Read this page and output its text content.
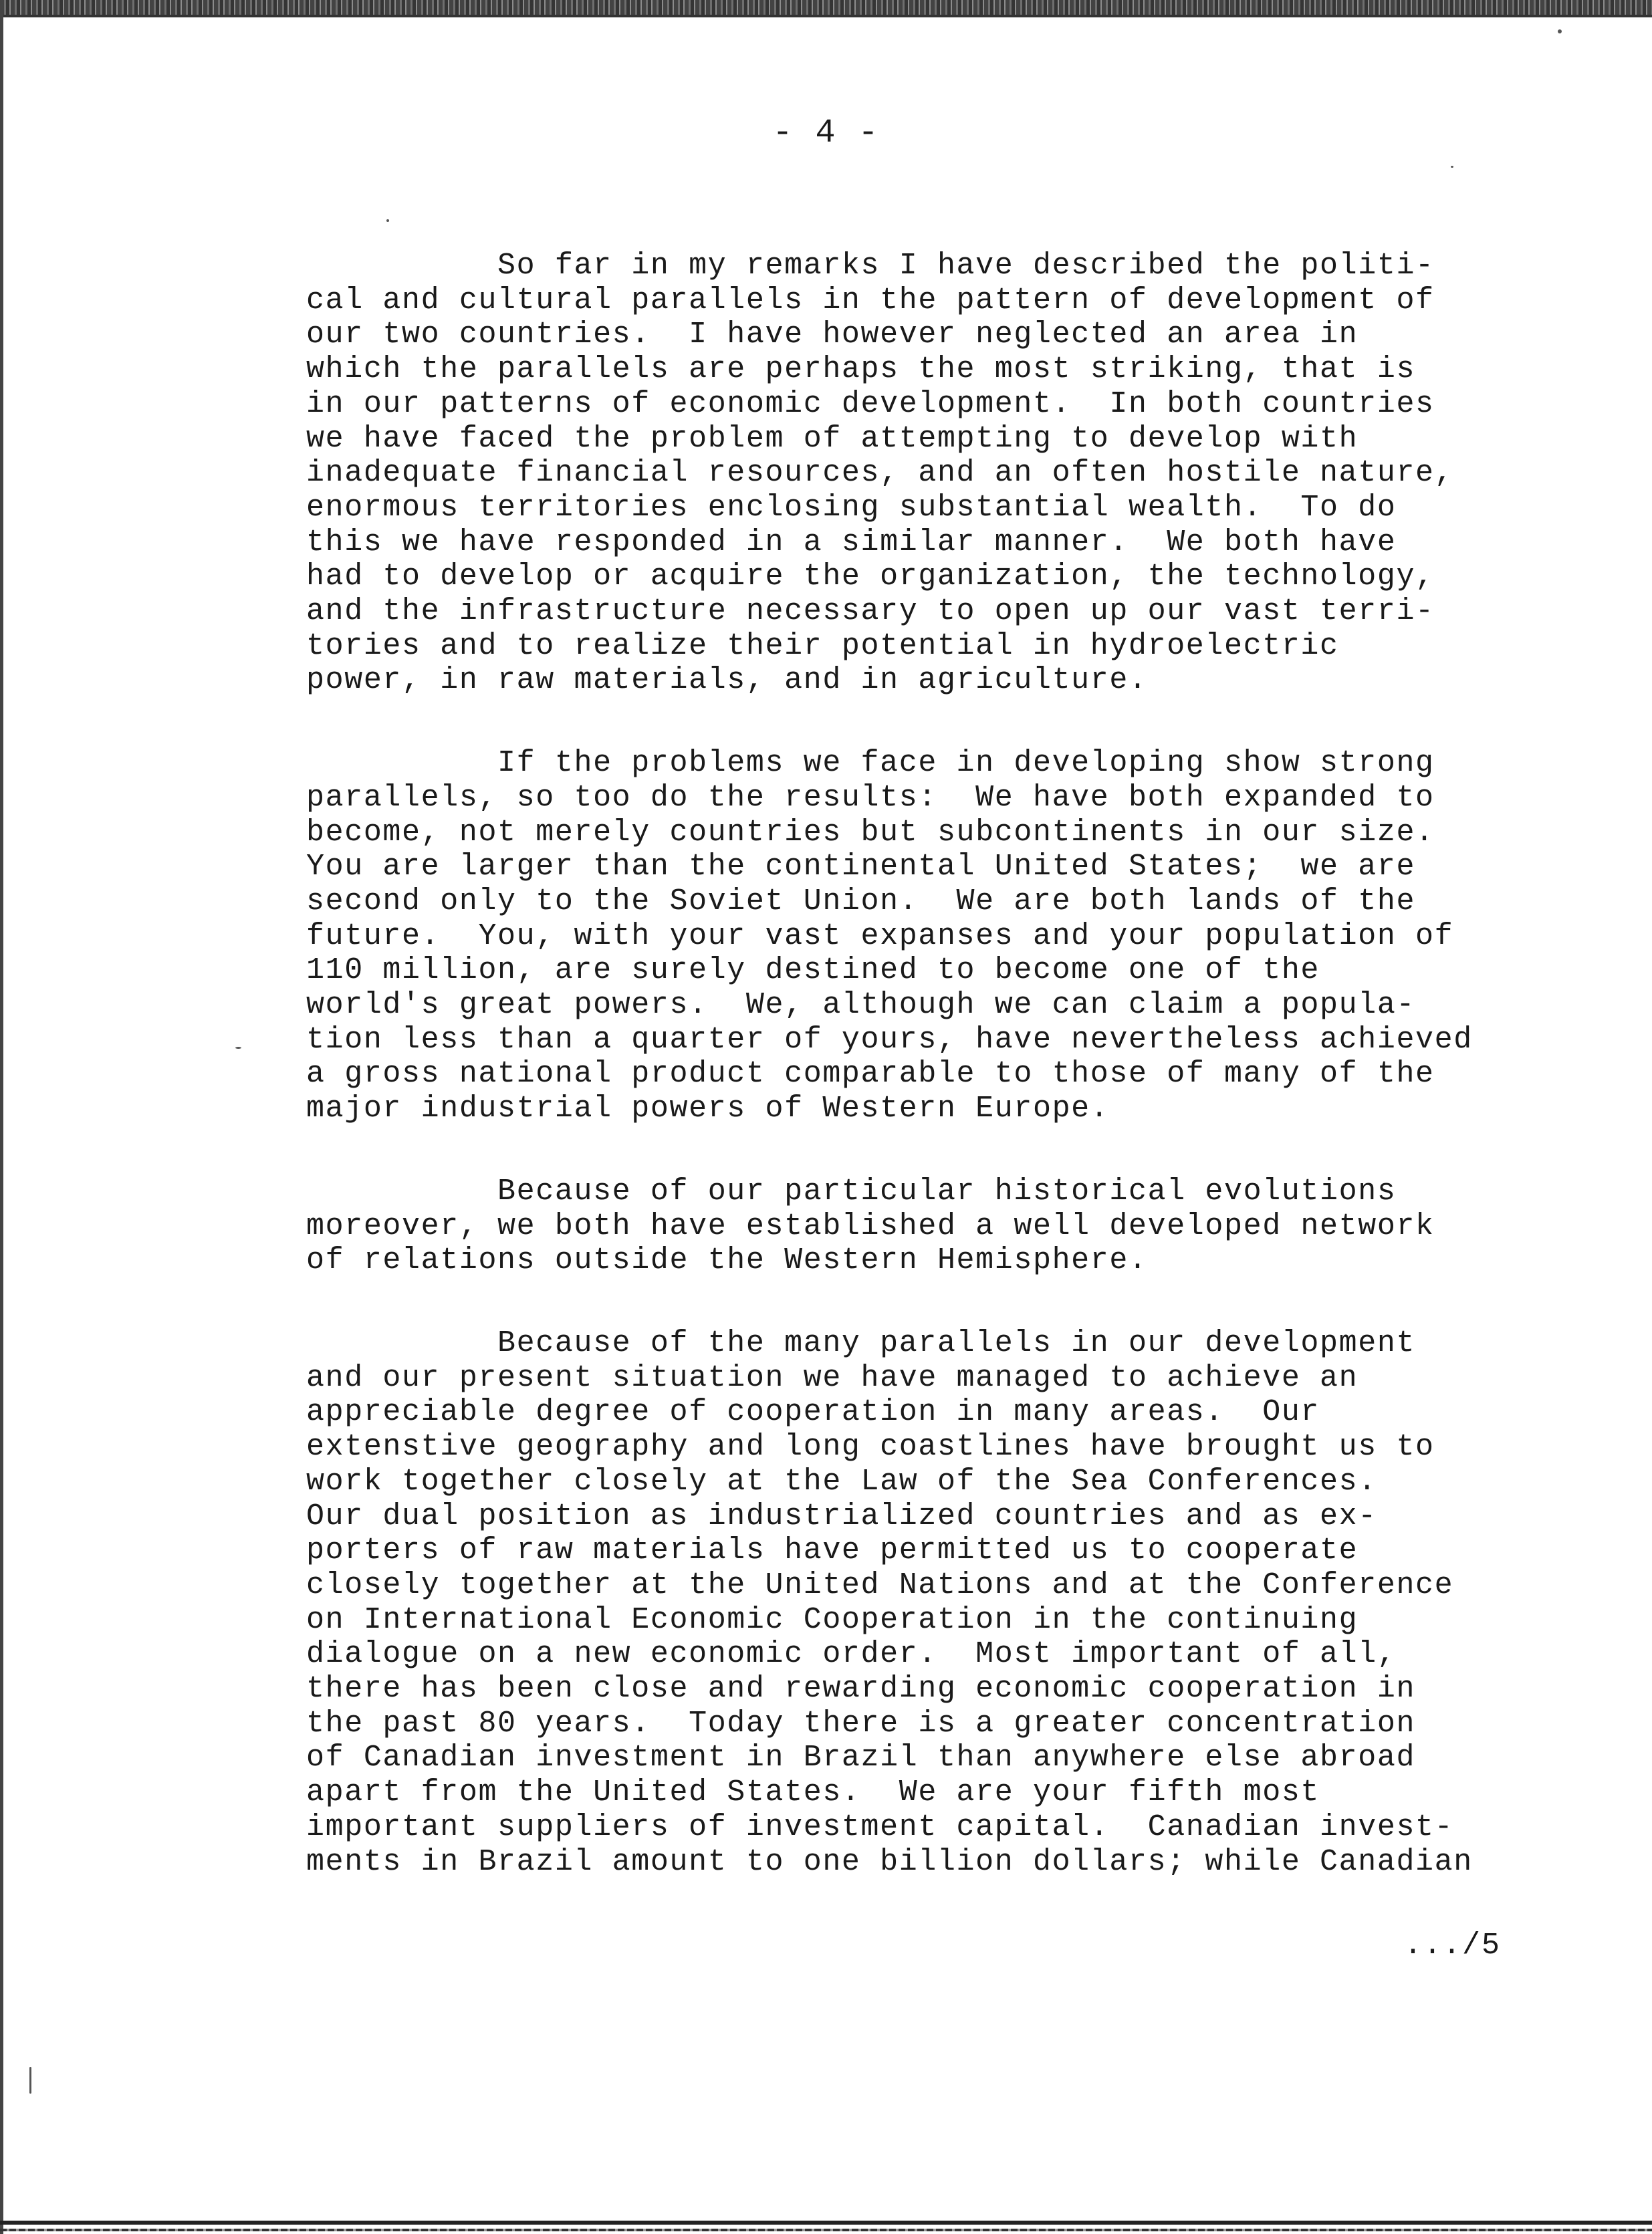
- 4 -

So far in my remarks I have described the politi-
cal and cultural parallels in the pattern of development of
our two countries.  I have however neglected an area in
which the parallels are perhaps the most striking, that is
in our patterns of economic development.  In both countries
we have faced the problem of attempting to develop with
inadequate financial resources, and an often hostile nature,
enormous territories enclosing substantial wealth.  To do
this we have responded in a similar manner.  We both have
had to develop or acquire the organization, the technology,
and the infrastructure necessary to open up our vast terri-
tories and to realize their potential in hydroelectric
power, in raw materials, and in agriculture.

If the problems we face in developing show strong
parallels, so too do the results:  We have both expanded to
become, not merely countries but subcontinents in our size.
You are larger than the continental United States;  we are
second only to the Soviet Union.  We are both lands of the
future.  You, with your vast expanses and your population of
110 million, are surely destined to become one of the
world's great powers.  We, although we can claim a popula-
tion less than a quarter of yours, have nevertheless achieved
a gross national product comparable to those of many of the
major industrial powers of Western Europe.

Because of our particular historical evolutions
moreover, we both have established a well developed network
of relations outside the Western Hemisphere.

Because of the many parallels in our development
and our present situation we have managed to achieve an
appreciable degree of cooperation in many areas.  Our
extenstive geography and long coastlines have brought us to
work together closely at the Law of the Sea Conferences.
Our dual position as industrialized countries and as ex-
porters of raw materials have permitted us to cooperate
closely together at the United Nations and at the Conference
on International Economic Cooperation in the continuing
dialogue on a new economic order.  Most important of all,
there has been close and rewarding economic cooperation in
the past 80 years.  Today there is a greater concentration
of Canadian investment in Brazil than anywhere else abroad
apart from the United States.  We are your fifth most
important suppliers of investment capital.  Canadian invest-
ments in Brazil amount to one billion dollars; while Canadian

.../5
